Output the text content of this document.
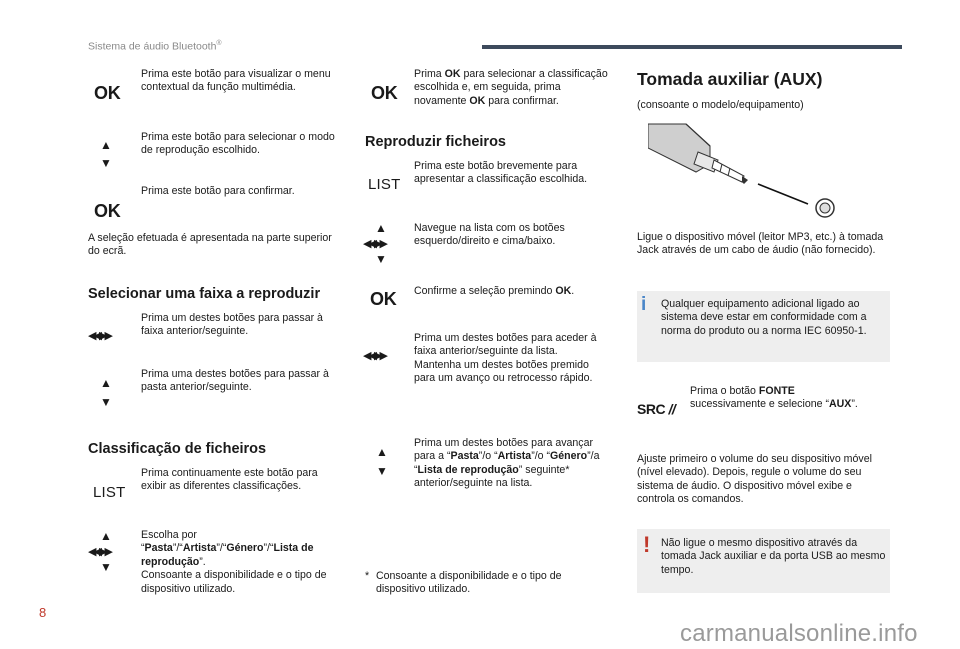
Sistema de áudio Bluetooth®
OK
Prima este botão para visualizar o menu contextual da função multimédia.
▲
▼
Prima este botão para selecionar o modo de reprodução escolhido.
OK
Prima este botão para confirmar.
A seleção efetuada é apresentada na parte superior do ecrã.
Selecionar uma faixa a reproduzir
◀◀ ▶▶
Prima um destes botões para passar à faixa anterior/seguinte.
▲
▼
Prima uma destes botões para passar à pasta anterior/seguinte.
Classificação de ficheiros
LIST
Prima continuamente este botão para exibir as diferentes classificações.
▲
◀◀ ▶▶
▼
Escolha por “Pasta”/“Artista”/“Género”/“Lista de reprodução”.
Consoante a disponibilidade e o tipo de dispositivo utilizado.
OK
Prima OK para selecionar a classificação escolhida e, em seguida, prima novamente OK para confirmar.
Reproduzir ficheiros
LIST
Prima este botão brevemente para apresentar a classificação escolhida.
▲
◀◀ ▶▶
▼
Navegue na lista com os botões esquerdo/direito e cima/baixo.
OK Confirme a seleção premindo OK.
◀◀ ▶▶
Prima um destes botões para aceder à faixa anterior/seguinte da lista.
Mantenha um destes botões premido para um avanço ou retrocesso rápido.
▲
▼
Prima um destes botões para avançar para a “Pasta”/o “Artista”/o “Género”/a “Lista de reprodução” seguinte* anterior/seguinte na lista.
* Consoante a disponibilidade e o tipo de dispositivo utilizado.
Tomada auxiliar (AUX)
(consoante o modelo/equipamento)
Ligue o dispositivo móvel (leitor MP3, etc.) à tomada Jack através de um cabo de áudio (não fornecido).
i	Qualquer equipamento adicional ligado ao sistema deve estar em conformidade com a norma do produto ou a norma IEC 60950-1.
SRC //
Prima o botão FONTE
sucessivamente e selecione “AUX”.
Ajuste primeiro o volume do seu dispositivo móvel (nível elevado). Depois, regule o volume do seu sistema de áudio. O dispositivo móvel exibe e controla os comandos.
! Não ligue o mesmo dispositivo através da tomada Jack auxiliar e da porta USB ao mesmo tempo.
8
carmanualsonline.info
